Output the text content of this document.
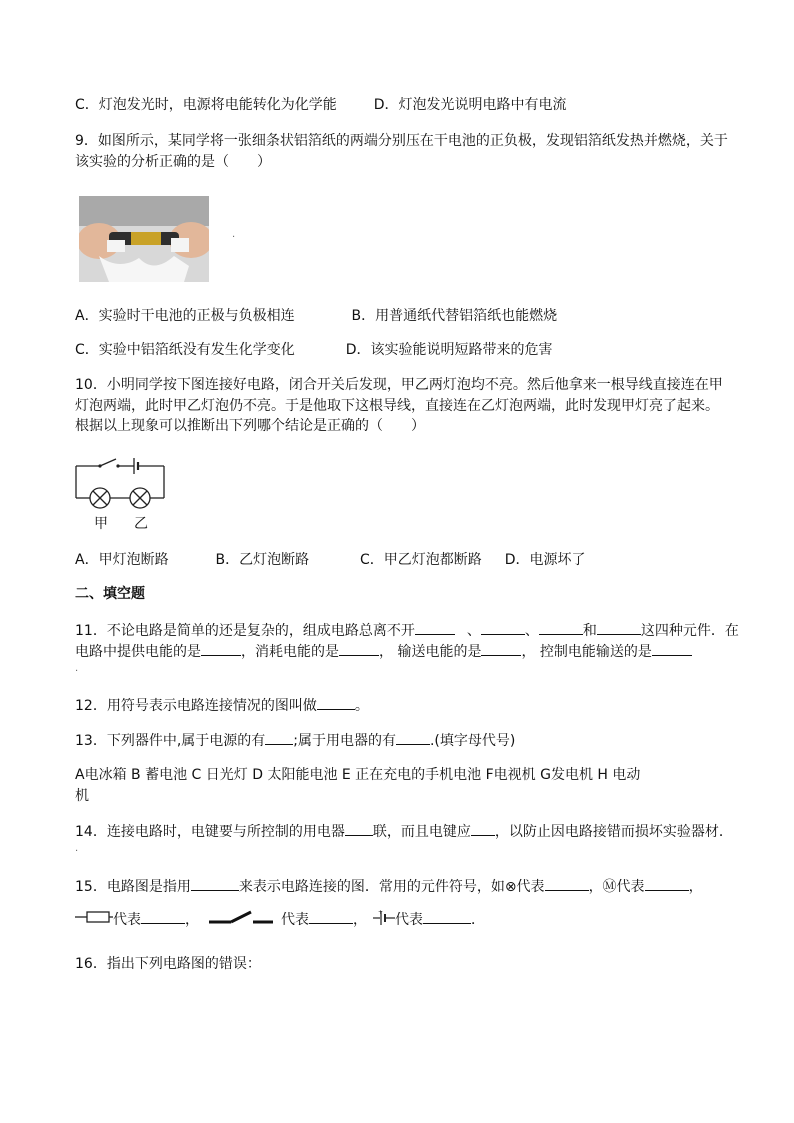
C．灯泡发光时，电源将电能转化为化学能	D．灯泡发光说明电路中有电流
9．如图所示，某同学将一张细条状铝箔纸的两端分别压在干电池的正负极，发现铝箔纸发热并燃烧，关于
该实验的分析正确的是（　　）
·
A．实验时干电池的正极与负极相连	B．用普通纸代替铝箔纸也能燃烧
C．实验中铝箔纸没有发生化学变化	D．该实验能说明短路带来的危害
10．小明同学按下图连接好电路，闭合开关后发现，甲乙两灯泡均不亮。然后他拿来一根导线直接连在甲
灯泡两端，此时甲乙灯泡仍不亮。于是他取下这根导线，直接连在乙灯泡两端，此时发现甲灯亮了起来。
根据以上现象可以推断出下列哪个结论是正确的（　　）
甲 乙
A．甲灯泡断路	B．乙灯泡断路	C．甲乙灯泡都断路 D．电源坏了
二、填空题
11．不论电路是简单的还是复杂的，组成电路总离不开	、	、	和	这四种元件．在
电路中提供电能的是	，消耗电能的是	， 输送电能的是	， 控制电能输送的是
·
12．用符号表示电路连接情况的图叫做	。
13．下列器件中,属于电源的有 ;属于用电器的有 .(填字母代号)
A电冰箱 B 蓄电池 C 日光灯 D 太阳能电池 E 正在充电的手机电池 F电视机 G发电机 H 电动
机
14．连接电路时，电键要与所控制的用电器 联，而且电键应 ，以防止因电路接错而损坏实验器材．
·
15．电路图是指用	来表示电路连接的图．常用的元件符号，如⊗代表	，Ⓜ代表	，
代表	，	代表	， + 代表	．
16．指出下列电路图的错误：
